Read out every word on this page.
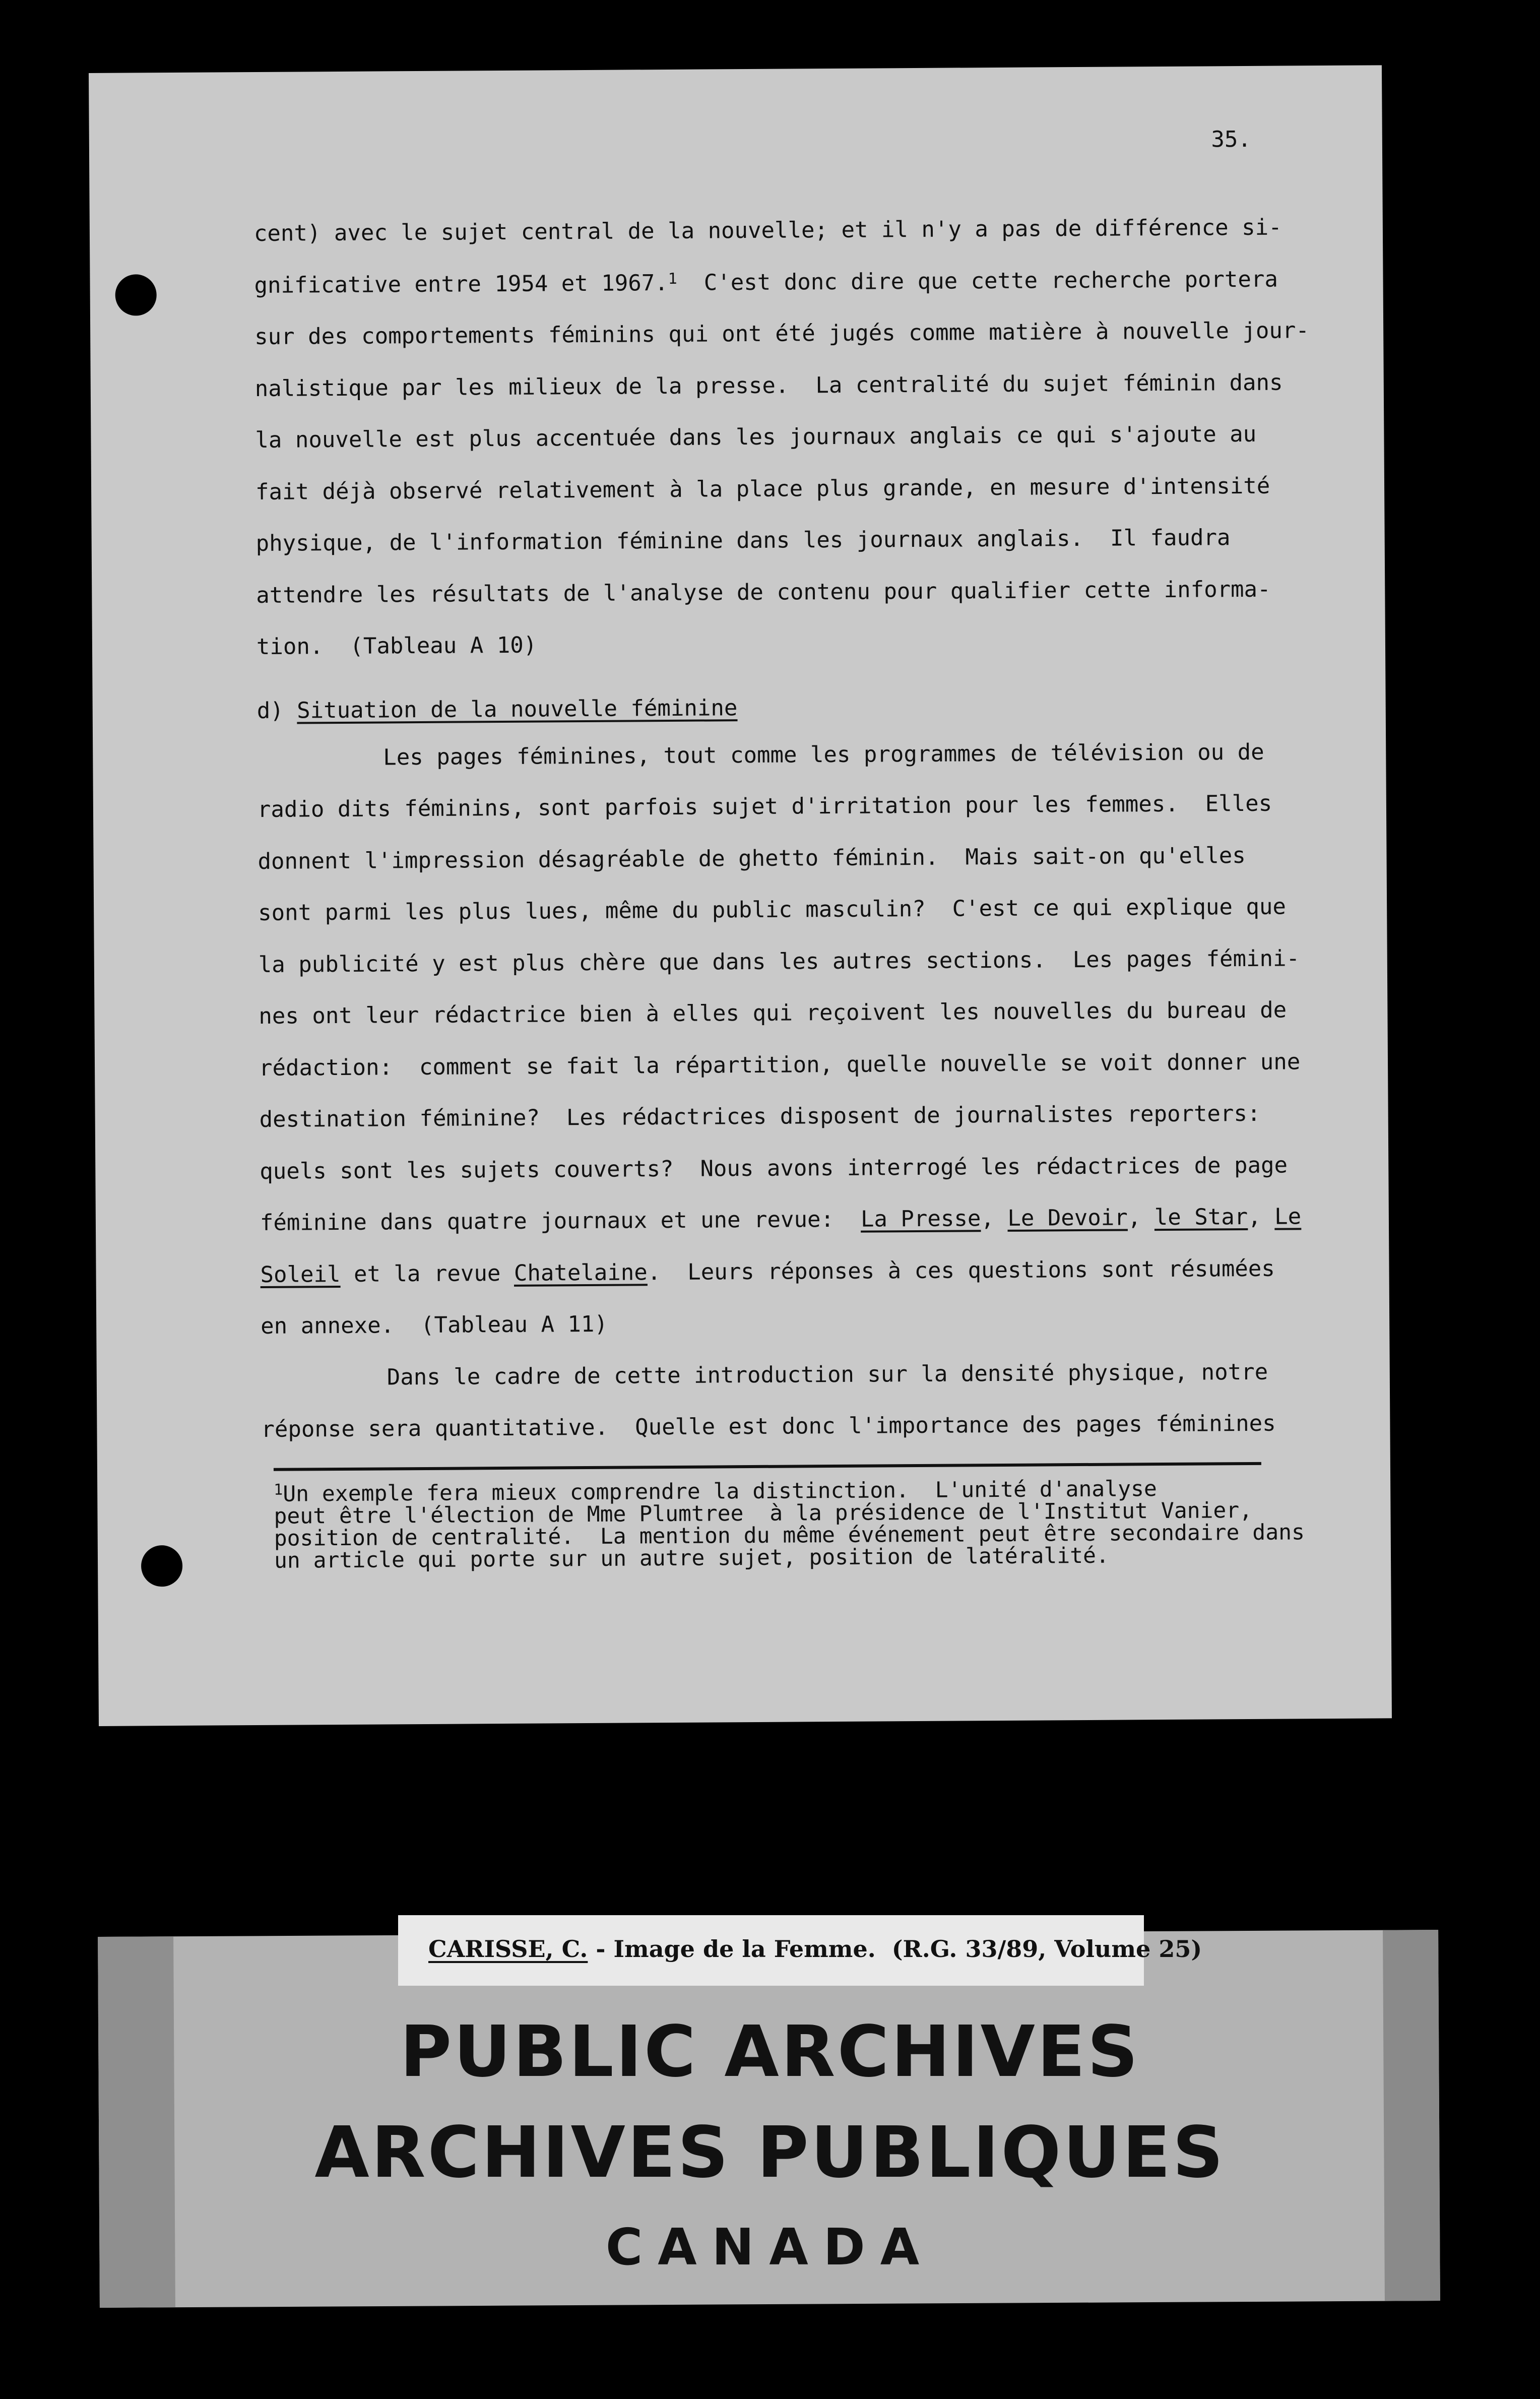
35.
cent) avec le sujet central de la nouvelle; et il n'y a pas de différence si-
gnificative entre 1954 et 1967.$^1$  C'est donc dire que cette recherche portera
sur des comportements féminins qui ont été jugés comme matière à nouvelle jour-
nalistique par les milieux de la presse.  La centralité du sujet féminin dans
la nouvelle est plus accentuée dans les journaux anglais ce qui s'ajoute au
fait déjà observé relativement à la place plus grande, en mesure d'intensité
physique, de l'information féminine dans les journaux anglais.  Il faudra
attendre les résultats de l'analyse de contenu pour qualifier cette informa-
tion.  (Tableau A 10)
d) Situation de la nouvelle féminine
Les pages féminines, tout comme les programmes de télévision ou de
radio dits féminins, sont parfois sujet d'irritation pour les femmes.  Elles
donnent l'impression désagréable de ghetto féminin.  Mais sait-on qu'elles
sont parmi les plus lues, même du public masculin?  C'est ce qui explique que
la publicité y est plus chère que dans les autres sections.  Les pages fémini-
nes ont leur rédactrice bien à elles qui reçoivent les nouvelles du bureau de
rédaction:  comment se fait la répartition, quelle nouvelle se voit donner une
destination féminine?  Les rédactrices disposent de journalistes reporters:
quels sont les sujets couverts?  Nous avons interrogé les rédactrices de page
féminine dans quatre journaux et une revue:  La Presse, Le Devoir, le Star, Le
Soleil et la revue Chatelaine.  Leurs réponses à ces questions sont résumées
en annexe.  (Tableau A 11)
Dans le cadre de cette introduction sur la densité physique, notre
réponse sera quantitative.  Quelle est donc l'importance des pages féminines
$^1$Un exemple fera mieux comprendre la distinction.  L'unité d'analyse
peut être l'élection de Mme Plumtree  à la présidence de l'Institut Vanier,
position de centralité.  La mention du même événement peut être secondaire dans
un article qui porte sur un autre sujet, position de latéralité.
CARISSE, C. - Image de la Femme.  (R.G. 33/89, Volume 25)
PUBLIC ARCHIVES
ARCHIVES PUBLIQUES
CANADA
